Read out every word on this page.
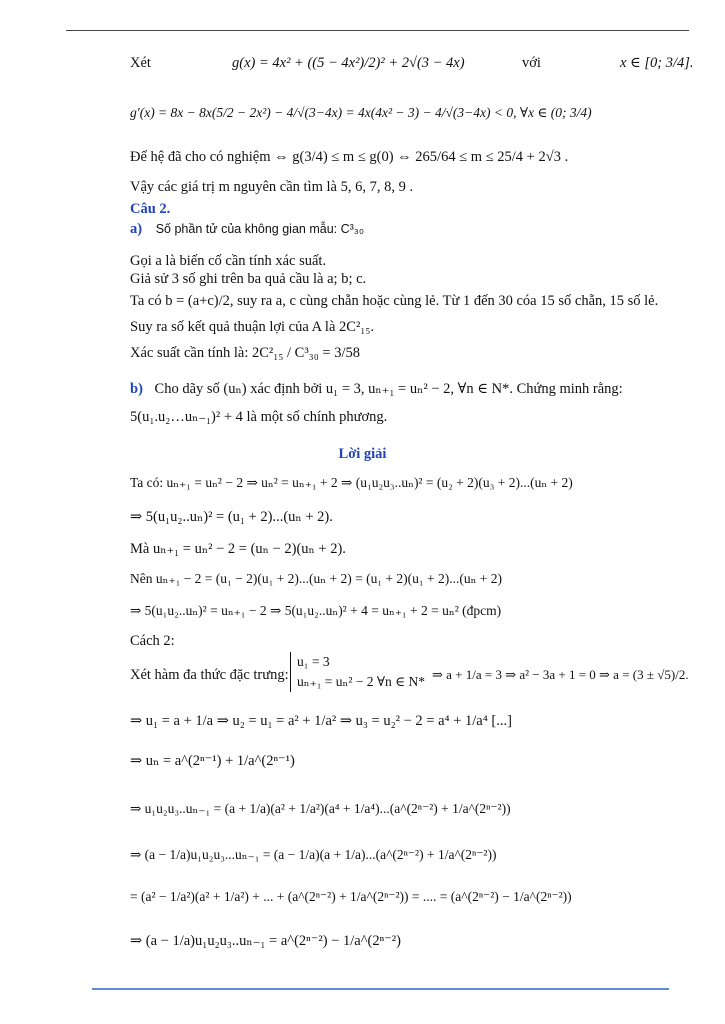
Xét	g(x) = 4x² + ((5 − 4x²)/2)² + 2√(3 − 4x)	với	x ∈ [0; 3/4].
g′(x) = 8x − 8x(5/2 − 2x²) − 4/√(3−4x) = 4x(4x² − 3) − 4/√(3−4x) < 0, ∀x ∈ (0; 3/4)
Để hệ đã cho có nghiệm ⇔ g(3/4) ≤ m ≤ g(0) ⇔ 265/64 ≤ m ≤ 25/4 + 2√3 .
Vậy các giá trị m nguyên cần tìm là 5, 6, 7, 8, 9 .
Câu 2.
a) Số phần tử của không gian mẫu: C³₃₀
Gọi a là biến cố cần tính xác suất.
Giả sử 3 số ghi trên ba quả cầu là a; b; c.
Ta có b = (a+c)/2, suy ra a, c cùng chẵn hoặc cùng lẻ. Từ 1 đến 30 cóa 15 số chẵn, 15 số lẻ.
Suy ra số kết quả thuận lợi của A là 2C²₁₅.
Xác suất cần tính là: 2C²₁₅ / C³₃₀ = 3/58
b) Cho dãy số (uₙ) xác định bởi u₁ = 3, uₙ₊₁ = uₙ² − 2, ∀n ∈ N*. Chứng minh rằng:
5(u₁.u₂…uₙ₋₁)² + 4 là một số chính phương.
Lời giải
Ta có: uₙ₊₁ = uₙ² − 2 ⇒ uₙ² = uₙ₊₁ + 2 ⇒ (u₁u₂u₃..uₙ)² = (u₂ + 2)(u₃ + 2)...(uₙ + 2)
⇒ 5(u₁u₂..uₙ)² = (u₁ + 2)...(uₙ + 2).
Mà uₙ₊₁ = uₙ² − 2 = (uₙ − 2)(uₙ + 2).
Nên uₙ₊₁ − 2 = (u₁ − 2)(u₁ + 2)...(uₙ + 2) = (u₁ + 2)(u₁ + 2)...(uₙ + 2)
⇒ 5(u₁u₂..uₙ)² = uₙ₊₁ − 2 ⇒ 5(u₁u₂..uₙ)² + 4 = uₙ₊₁ + 2 = uₙ² (đpcm)
Cách 2:
Xét hàm đa thức đặc trưng:
u₁ = 3
uₙ₊₁ = uₙ² − 2 ∀n ∈ N* ⇒ a + 1/a = 3 ⇒ a² − 3a + 1 = 0 ⇒ a = (3 ± √5)/2.
⇒ u₁ = a + 1/a ⇒ u₂ = u₁ = a² + 1/a² ⇒ u₃ = u₂² − 2 = a⁴ + 1/a⁴ [...]
⇒ uₙ = a^(2ⁿ⁻¹) + 1/a^(2ⁿ⁻¹)
⇒ u₁u₂u₃..uₙ₋₁ = (a + 1/a)(a² + 1/a²)(a⁴ + 1/a⁴)...(a^(2ⁿ⁻²) + 1/a^(2ⁿ⁻²))
⇒ (a − 1/a)u₁u₂u₃...uₙ₋₁ = (a − 1/a)(a + 1/a)...(a^(2ⁿ⁻²) + 1/a^(2ⁿ⁻²))
= (a² − 1/a²)(a² + 1/a²) + ... + (a^(2ⁿ⁻²) + 1/a^(2ⁿ⁻²)) = .... = (a^(2ⁿ⁻²) − 1/a^(2ⁿ⁻²))
⇒ (a − 1/a)u₁u₂u₃..uₙ₋₁ = a^(2ⁿ⁻²) − 1/a^(2ⁿ⁻²)
